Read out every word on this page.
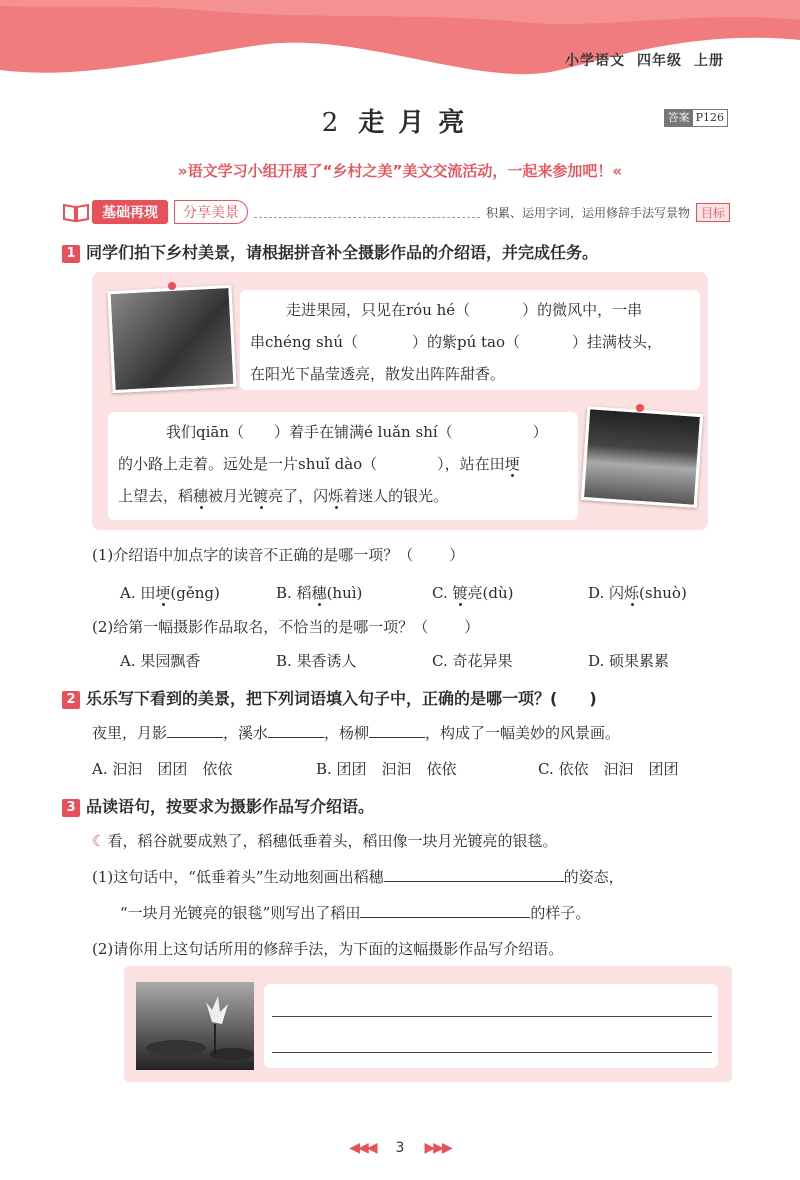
小学语文 四年级 上册
2 走月亮	答案 P126
»语文学习小组开展了“乡村之美”美文交流活动，一起来参加吧！«
基础再现	分享美景	积累、运用字词，运用修辞手法写景物 目标
1 同学们拍下乡村美景，请根据拼音补全摄影作品的介绍语，并完成任务。
走进果园，只见在róu hé（	）的微风中，一串
串chéng shú（	）的紫pú tao（	）挂满枝头，
在阳光下晶莹透亮，散发出阵阵甜香。
我们qiān（ ）着手在铺满é luǎn shí（	）
的小路上走着。远处是一片shuǐ dào（	），站在田埂
上望去，稻穗被月光镀亮了，闪烁着迷人的银光。
(1)介绍语中加点字的读音不正确的是哪一项？（ ）
A. 田埂(gěng)	B. 稻穗(huì)	C. 镀亮(dù)	D. 闪烁(shuò)
(2)给第一幅摄影作品取名，不恰当的是哪一项？（ ）
A. 果园飘香	B. 果香诱人	C. 奇花异果	D. 硕果累累
2 乐乐写下看到的美景，把下列词语填入句子中，正确的是哪一项？( )
夜里，月影	，溪水	，杨柳	，构成了一幅美妙的风景画。
A. 汩汩　团团　依依	B. 团团　汩汩　依依	C. 依依　汩汩　团团
3 品读语句，按要求为摄影作品写介绍语。
☾ 看，稻谷就要成熟了，稻穗低垂着头，稻田像一块月光镀亮的银毯。
(1)这句话中，“低垂着头”生动地刻画出稻穗	的姿态，
“一块月光镀亮的银毯”则写出了稻田	的样子。
(2)请你用上这句话所用的修辞手法，为下面的这幅摄影作品写介绍语。
◀◀◀ 3 ▶▶▶
